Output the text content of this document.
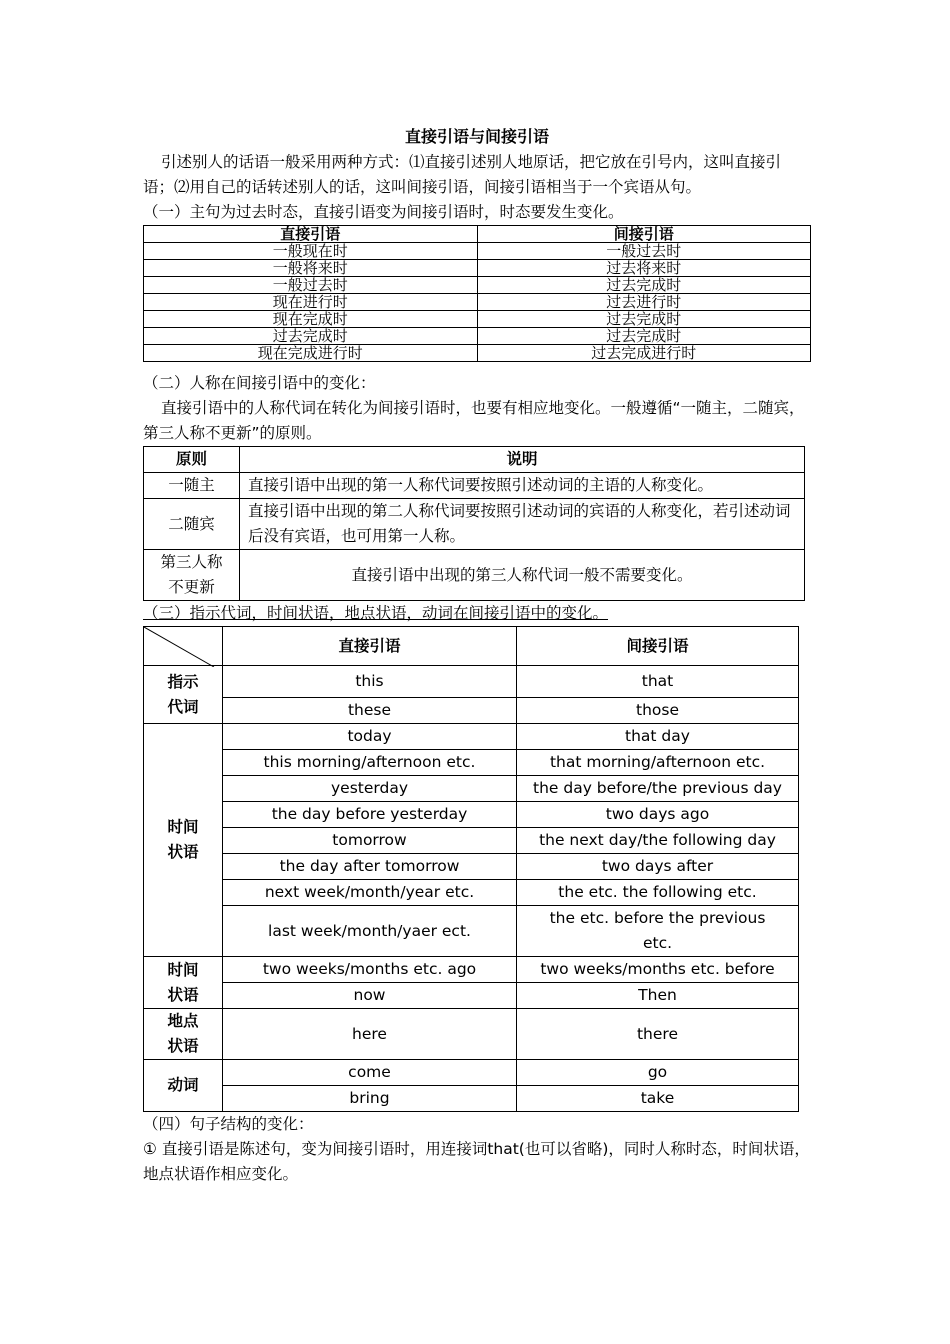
直接引语与间接引语
引述别人的话语一般采用两种方式：⑴直接引述别人地原话，把它放在引号内，这叫直接引语；⑵用自己的话转述别人的话，这叫间接引语，间接引语相当于一个宾语从句。
（一）主句为过去时态，直接引语变为间接引语时，时态要发生变化。
直接引语	间接引语
一般现在时	一般过去时
一般将来时	过去将来时
一般过去时	过去完成时
现在进行时	过去进行时
现在完成时	过去完成时
过去完成时	过去完成时
现在完成进行时	过去完成进行时
（二）人称在间接引语中的变化：
直接引语中的人称代词在转化为间接引语时，也要有相应地变化。一般遵循“一随主，二随宾，第三人称不更新”的原则。
原则	说明
一随主	直接引语中出现的第一人称代词要按照引述动词的主语的人称变化。
二随宾	直接引语中出现的第二人称代词要按照引述动词的宾语的人称变化，若引述动词后没有宾语，也可用第一人称。
第三人称不更新	直接引语中出现的第三人称代词一般不需要变化。
（三）指示代词，时间状语，地点状语，动词在间接引语中的变化。
	直接引语	间接引语
指示代词	this	that
	these	those
时间状语	today	that day
	this morning/afternoon etc.	that morning/afternoon etc.
	yesterday	the day before/the previous day
	the day before yesterday	two days ago
	tomorrow	the next day/the following day
	the day after tomorrow	two days after
	next week/month/year etc.	the etc. the following etc.
	last week/month/yaer ect.	the etc. before the previous etc.
时间状语	two weeks/months etc. ago	two weeks/months etc. before
	now	Then
地点状语	here	there
动词	come	go
	bring	take
（四）句子结构的变化：
① 直接引语是陈述句，变为间接引语时，用连接词that(也可以省略)，同时人称时态，时间状语，地点状语作相应变化。
